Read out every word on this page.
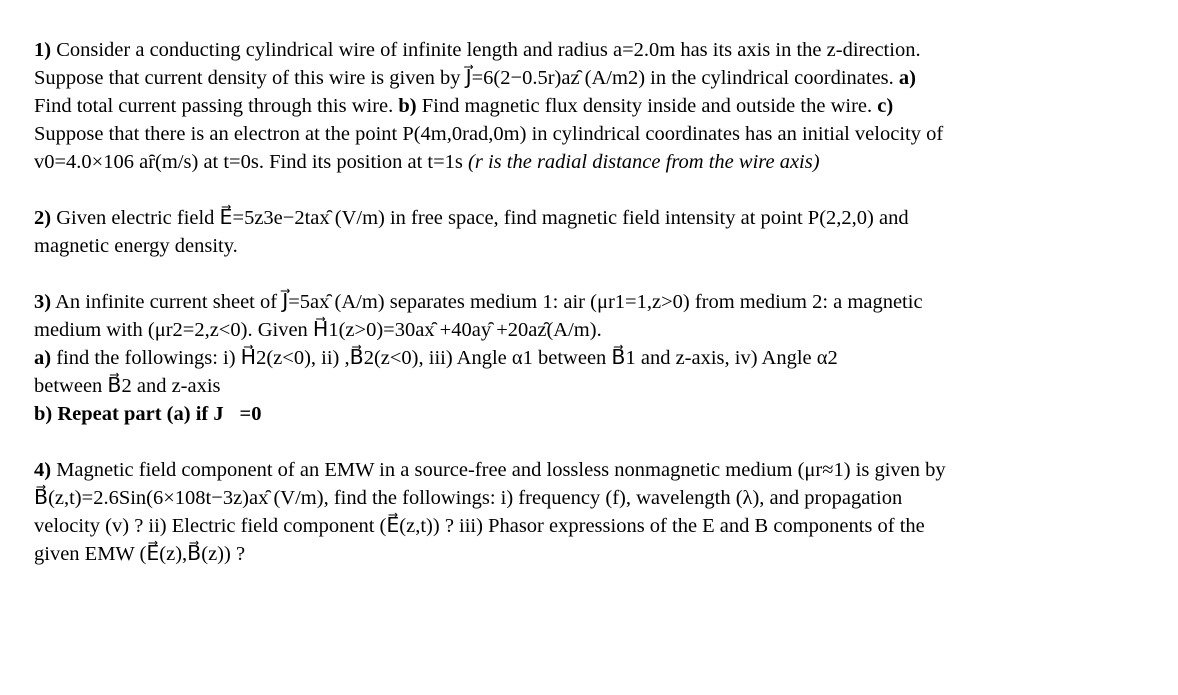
1) Consider a conducting cylindrical wire of infinite length and radius a=2.0m has its axis in the z-direction.
Suppose that current density of this wire is given by J⃗=6(2−0.5r)az̑ (A/m2) in the cylindrical coordinates. a)
Find total current passing through this wire. b) Find magnetic flux density inside and outside the wire. c)
Suppose that there is an electron at the point P(4m,0rad,0m) in cylindrical coordinates has an initial velocity of
v0=4.0×106 aȓ(m/s) at t=0s. Find its position at t=1s (r is the radial distance from the wire axis)
2) Given electric field E⃗=5z3e−2tax̑ (V/m) in free space, find magnetic field intensity at point P(2,2,0) and
magnetic energy density.
3) An infinite current sheet of J⃗=5ax̑ (A/m) separates medium 1: air (μr1=1,z>0) from medium 2: a magnetic
medium with (μr2=2,z<0). Given H⃗1(z>0)=30ax̑ +40ay̑ +20az̑(A/m).
a) find the followings: i) H⃗2(z<0), ii) ,B⃗2(z<0), iii) Angle α1 between B⃗1 and z-axis, iv) Angle α2
between B⃗2 and z-axis
b) Repeat part (a) if J⃗=0
4) Magnetic field component of an EMW in a source-free and lossless nonmagnetic medium (μr≈1) is given by
B⃗(z,t)=2.6Sin(6×108t−3z)ax̑ (V/m), find the followings: i) frequency (f), wavelength (λ), and propagation
velocity (v) ? ii) Electric field component (E⃗(z,t)) ? iii) Phasor expressions of the E and B components of the
given EMW (E⃗(z),B⃗(z)) ?
